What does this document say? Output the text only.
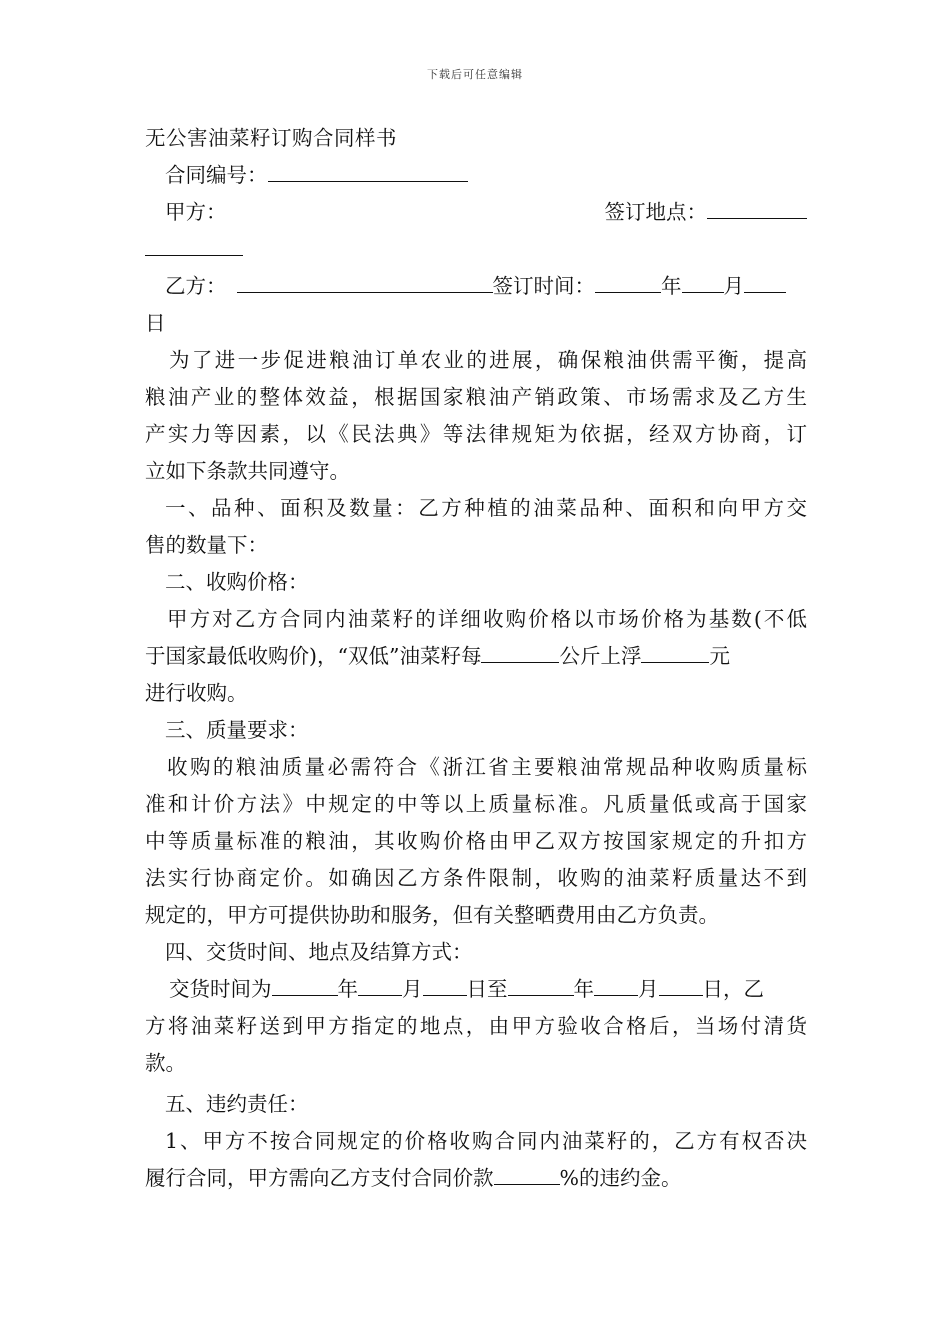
下载后可任意编辑
无公害油菜籽订购合同样书
合同编号：
甲方：	签订地点：
乙方：	签订时间：	年 月
日
为了进一步促进粮油订单农业的进展，确保粮油供需平衡，提高
粮油产业的整体效益，根据国家粮油产销政策、市场需求及乙方生
产实力等因素，以《民法典》等法律规矩为依据，经双方协商，订
立如下条款共同遵守。
一、品种、面积及数量：乙方种植的油菜品种、面积和向甲方交
售的数量下：
二、收购价格：
甲方对乙方合同内油菜籽的详细收购价格以市场价格为基数(不低
于国家最低收购价)，“双低”油菜籽每	公斤上浮	元
进行收购。
三、质量要求：
收购的粮油质量必需符合《浙江省主要粮油常规品种收购质量标
准和计价方法》中规定的中等以上质量标准。凡质量低或高于国家
中等质量标准的粮油，其收购价格由甲乙双方按国家规定的升扣方
法实行协商定价。如确因乙方条件限制，收购的油菜籽质量达不到
规定的，甲方可提供协助和服务，但有关整晒费用由乙方负责。
四、交货时间、地点及结算方式：
交货时间为	年 月 日至	年 月 日，乙
方将油菜籽送到甲方指定的地点，由甲方验收合格后，当场付清货
款。
五、违约责任：
1、甲方不按合同规定的价格收购合同内油菜籽的，乙方有权否决
履行合同，甲方需向乙方支付合同价款	%的违约金。
